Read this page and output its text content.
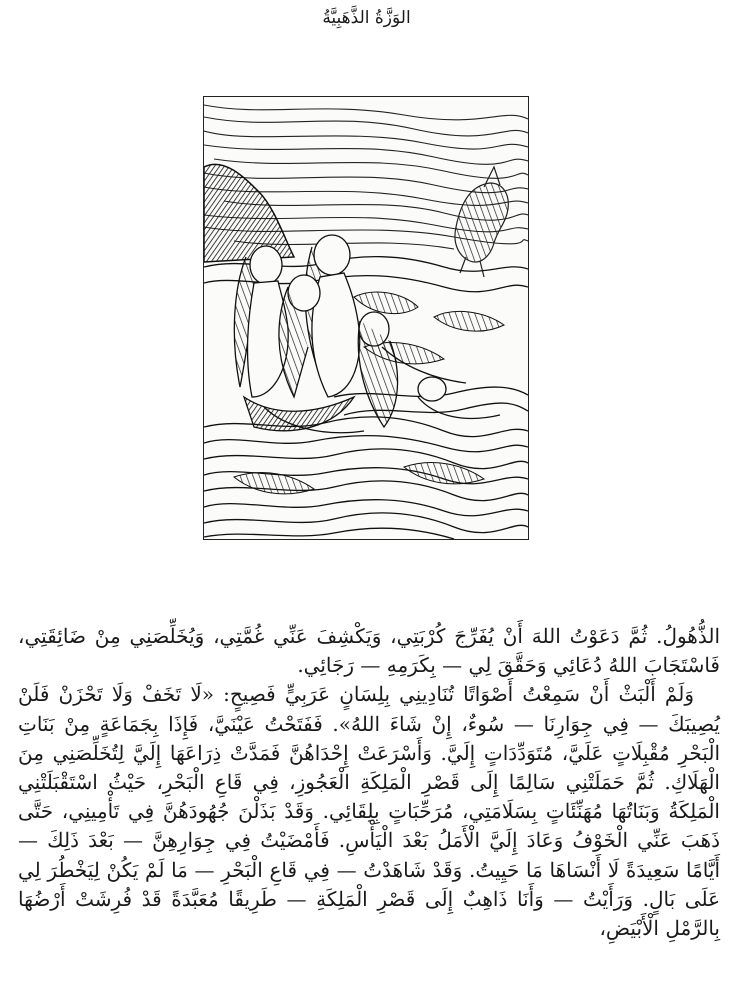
الوَزَّةُ الذَّهَبِيَّةُ

الذُّهُولُ. ثُمَّ دَعَوْتُ اللهَ أَنْ يُفَرِّجَ كُرْبَتِي، وَيَكْشِفَ عَنِّي غُمَّتِي، وَيُخَلِّصَنِي مِنْ ضَائِقَتِي، فَاسْتَجَابَ اللهُ دُعَائِي وَحَقَّقَ لِي — بِكَرَمِهِ — رَجَائِي.

وَلَمْ أَلْبَثْ أَنْ سَمِعْتُ أَصْوَاتًا تُنَادِينِي بِلِسَانٍ عَرَبِيٍّ فَصِيحٍ: «لَا تَخَفْ وَلَا تَحْزَنْ فَلَنْ يُصِيبَكَ — فِي جِوَارِنَا — سُوءٌ، إِنْ شَاءَ اللهُ». فَفَتَحْتُ عَيْنَيَّ، فَإِذَا بِجَمَاعَةٍ مِنْ بَنَاتِ الْبَحْرِ مُقْبِلَاتٍ عَلَيَّ، مُتَوَدِّدَاتٍ إِلَيَّ. وَأَسْرَعَتْ إِحْدَاهُنَّ فَمَدَّتْ ذِرَاعَهَا إِلَيَّ لِتُخَلِّصَنِي مِنَ الْهَلَاكِ. ثُمَّ حَمَلَتْنِي سَالِمًا إِلَى قَصْرِ الْمَلِكَةِ الْعَجُوزِ، فِي قَاعِ الْبَحْرِ، حَيْثُ اسْتَقْبَلَتْنِي الْمَلِكَةُ وَبَنَاتُهَا مُهَنِّئَاتٍ بِسَلَامَتِي، مُرَحِّبَاتٍ بِلِقَائِي. وَقَدْ بَذَلْنَ جُهُودَهُنَّ فِي تَأْمِينِي، حَتَّى ذَهَبَ عَنِّي الْخَوْفُ وَعَادَ إِلَيَّ الْأَمَلُ بَعْدَ الْيَأْسِ. فَأَمْضَيْتُ فِي جِوَارِهِنَّ — بَعْدَ ذَلِكَ — أَيَّامًا سَعِيدَةً لَا أَنْسَاهَا مَا حَيِيتُ. وَقَدْ شَاهَدْتُ — فِي قَاعِ الْبَحْرِ — مَا لَمْ يَكُنْ لِيَخْطُرَ لِي عَلَى بَالٍ. وَرَأَيْتُ — وَأَنَا ذَاهِبٌ إِلَى قَصْرِ الْمَلِكَةِ — طَرِيقًا مُعَبَّدَةً قَدْ فُرِشَتْ أَرْضُهَا بِالرَّمْلِ الْأَبْيَضِ،
